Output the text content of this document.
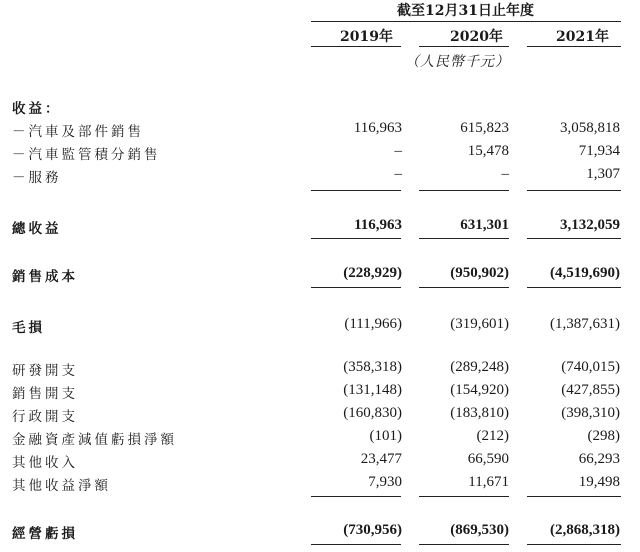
截至12月31日止年度
2019年	2020年	2021年
（人民幣千元）
收益：
－汽車及部件銷售	116,963	615,823	3,058,818
－汽車監管積分銷售	–	15,478	71,934
－服務	–	–	1,307
總收益	116,963	631,301	3,132,059
銷售成本	(228,929)	(950,902)	(4,519,690)
毛損	(111,966)	(319,601)	(1,387,631)
研發開支	(358,318)	(289,248)	(740,015)
銷售開支	(131,148)	(154,920)	(427,855)
行政開支	(160,830)	(183,810)	(398,310)
金融資產減值虧損淨額	(101)	(212)	(298)
其他收入	23,477	66,590	66,293
其他收益淨額	7,930	11,671	19,498
經營虧損	(730,956)	(869,530)	(2,868,318)
